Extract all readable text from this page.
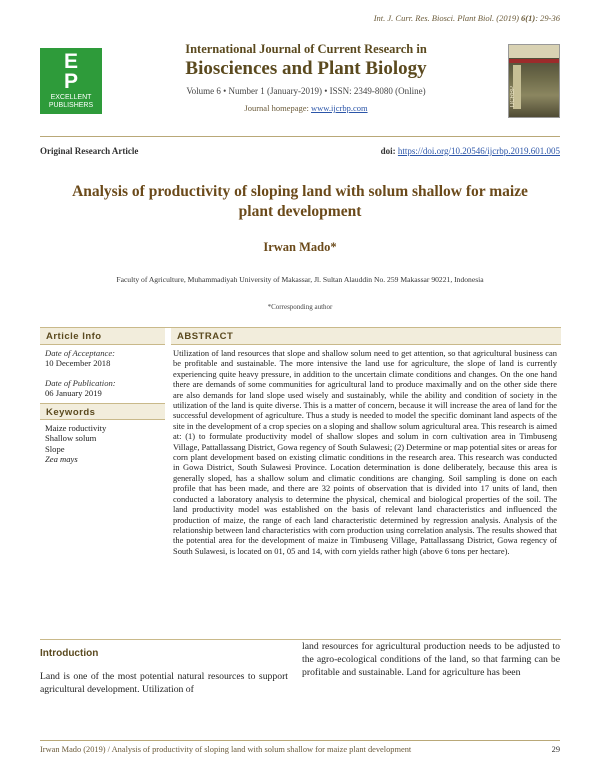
Int. J. Curr. Res. Biosci. Plant Biol. (2019) 6(1): 29-36
E
P
EXCELLENT
PUBLISHERS
International Journal of Current Research in
Biosciences and Plant Biology
Volume 6 • Number 1 (January-2019) • ISSN: 2349-8080 (Online)
Journal homepage: www.ijcrbp.com
IJCRBP
Original Research Article	doi: https://doi.org/10.20546/ijcrbp.2019.601.005
Analysis of productivity of sloping land with solum shallow for maize plant development
Irwan Mado*
Faculty of Agriculture, Muhammadiyah University of Makassar, Jl. Sultan Alauddin No. 259 Makassar 90221, Indonesia
*Corresponding author
Article Info
Date of Acceptance:
10 December 2018
Date of Publication:
06 January 2019
Keywords
Maize roductivity
Shallow solum
Slope
Zea mays
ABSTRACT
Utilization of land resources that slope and shallow solum need to get attention, so that agricultural business can be profitable and sustainable. The more intensive the land use for agriculture, the slope of land is currently experiencing quite heavy pressure, in addition to the uncertain climate conditions and changes. On the one hand there are demands of some communities for agricultural land to produce maximally and on the other side there are also demands for land slope used wisely and sustainably, while the ability and condition of society in the utilization of the land is quite diverse. This is a matter of concern, because it will increase the area of land for the successful development of agriculture. Thus a study is needed to model the specific dominant land aspects of the site in the development of a crop species on a sloping and shallow solum agricultural area. This research is aimed at: (1) to formulate productivity model of shallow slopes and solum in corn cultivation area in Timbuseng Village, Pattallassang District, Gowa regency of South Sulawesi; (2) Determine or map potential sites or areas for corn plant development based on existing climatic conditions in the research area. This research was conducted in Gowa District, South Sulawesi Province. Location determination is done deliberately, because this area is generally sloped, has a shallow solum and climatic conditions are changing. Soil sampling is done on each profile that has been made, and there are 32 points of observation that is divided into 17 units of land, then conducted a laboratory analysis to determine the physical, chemical and biological properties of the soil. The land productivity model was established on the basis of relevant land characteristics and influenced the production of maize, the range of each land characteristic determined by regression analysis. Analysis of the relationship between land characteristics with corn production using correlation analysis. The results showed that the potential area for the development of maize in Timbuseng Village, Pattallassang District, Gowa regency of South Sulawesi, is located on 01, 05 and 14, with corn yields rather high (above 6 tons per hectare).
Introduction
Land is one of the most potential natural resources to support agricultural development. Utilization of
land resources for agricultural production needs to be adjusted to the agro-ecological conditions of the land, so that farming can be profitable and sustainable. Land for agriculture has been
Irwan Mado (2019) / Analysis of productivity of sloping land with solum shallow for maize plant development	29
